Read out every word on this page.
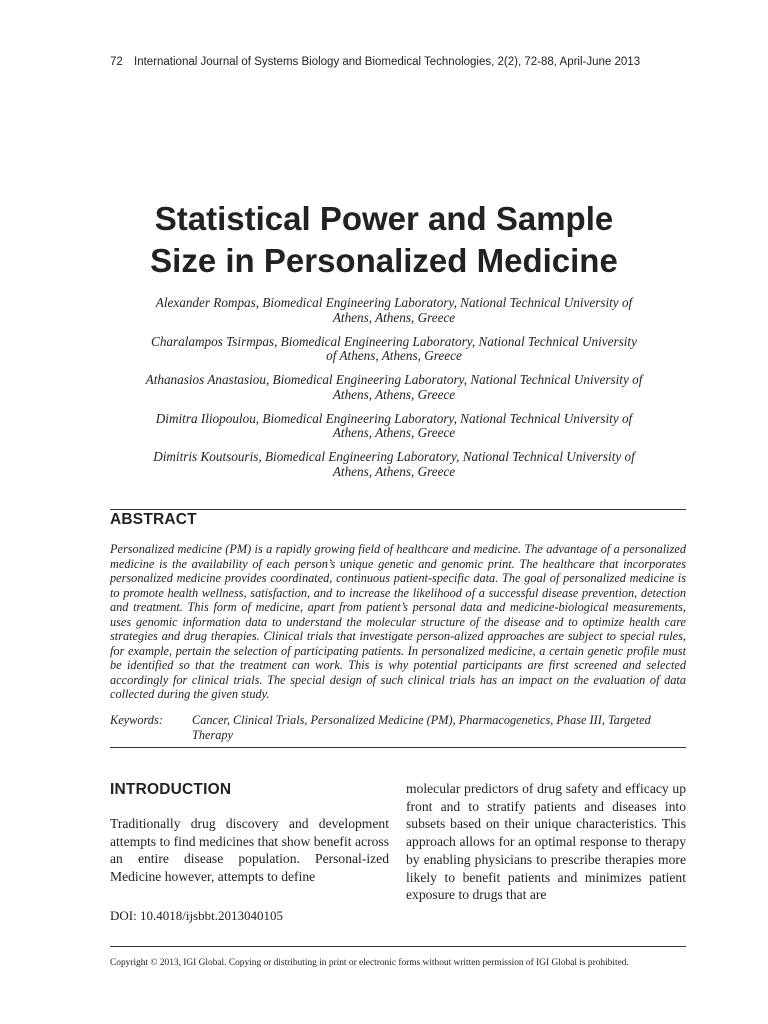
72 International Journal of Systems Biology and Biomedical Technologies, 2(2), 72-88, April-June 2013
Statistical Power and Sample
Size in Personalized Medicine
Alexander Rompas, Biomedical Engineering Laboratory, National Technical University of
Athens, Athens, Greece
Charalampos Tsirmpas, Biomedical Engineering Laboratory, National Technical University
of Athens, Athens, Greece
Athanasios Anastasiou, Biomedical Engineering Laboratory, National Technical University of
Athens, Athens, Greece
Dimitra Iliopoulou, Biomedical Engineering Laboratory, National Technical University of
Athens, Athens, Greece
Dimitris Koutsouris, Biomedical Engineering Laboratory, National Technical University of
Athens, Athens, Greece
ABSTRACT
Personalized medicine (PM) is a rapidly growing field of healthcare and medicine. The advantage of a personalized medicine is the availability of each person’s unique genetic and genomic print. The healthcare that incorporates personalized medicine provides coordinated, continuous patient-specific data. The goal of personalized medicine is to promote health wellness, satisfaction, and to increase the likelihood of a successful disease prevention, detection and treatment. This form of medicine, apart from patient’s personal data and medicine-biological measurements, uses genomic information data to understand the molecular structure of the disease and to optimize health care strategies and drug therapies. Clinical trials that investigate person-alized approaches are subject to special rules, for example, pertain the selection of participating patients. In personalized medicine, a certain genetic profile must be identified so that the treatment can work. This is why potential participants are first screened and selected accordingly for clinical trials. The special design of such clinical trials has an impact on the evaluation of data collected during the given study.
Keywords: Cancer, Clinical Trials, Personalized Medicine (PM), Pharmacogenetics, Phase III, Targeted Therapy
INTRODUCTION
Traditionally drug discovery and development attempts to find medicines that show benefit across an entire disease population. Personal-ized Medicine however, attempts to define
molecular predictors of drug safety and efficacy up front and to stratify patients and diseases into subsets based on their unique characteristics. This approach allows for an optimal response to therapy by enabling physicians to prescribe therapies more likely to benefit patients and minimizes patient exposure to drugs that are
DOI: 10.4018/ijsbbt.2013040105
Copyright © 2013, IGI Global. Copying or distributing in print or electronic forms without written permission of IGI Global is prohibited.
